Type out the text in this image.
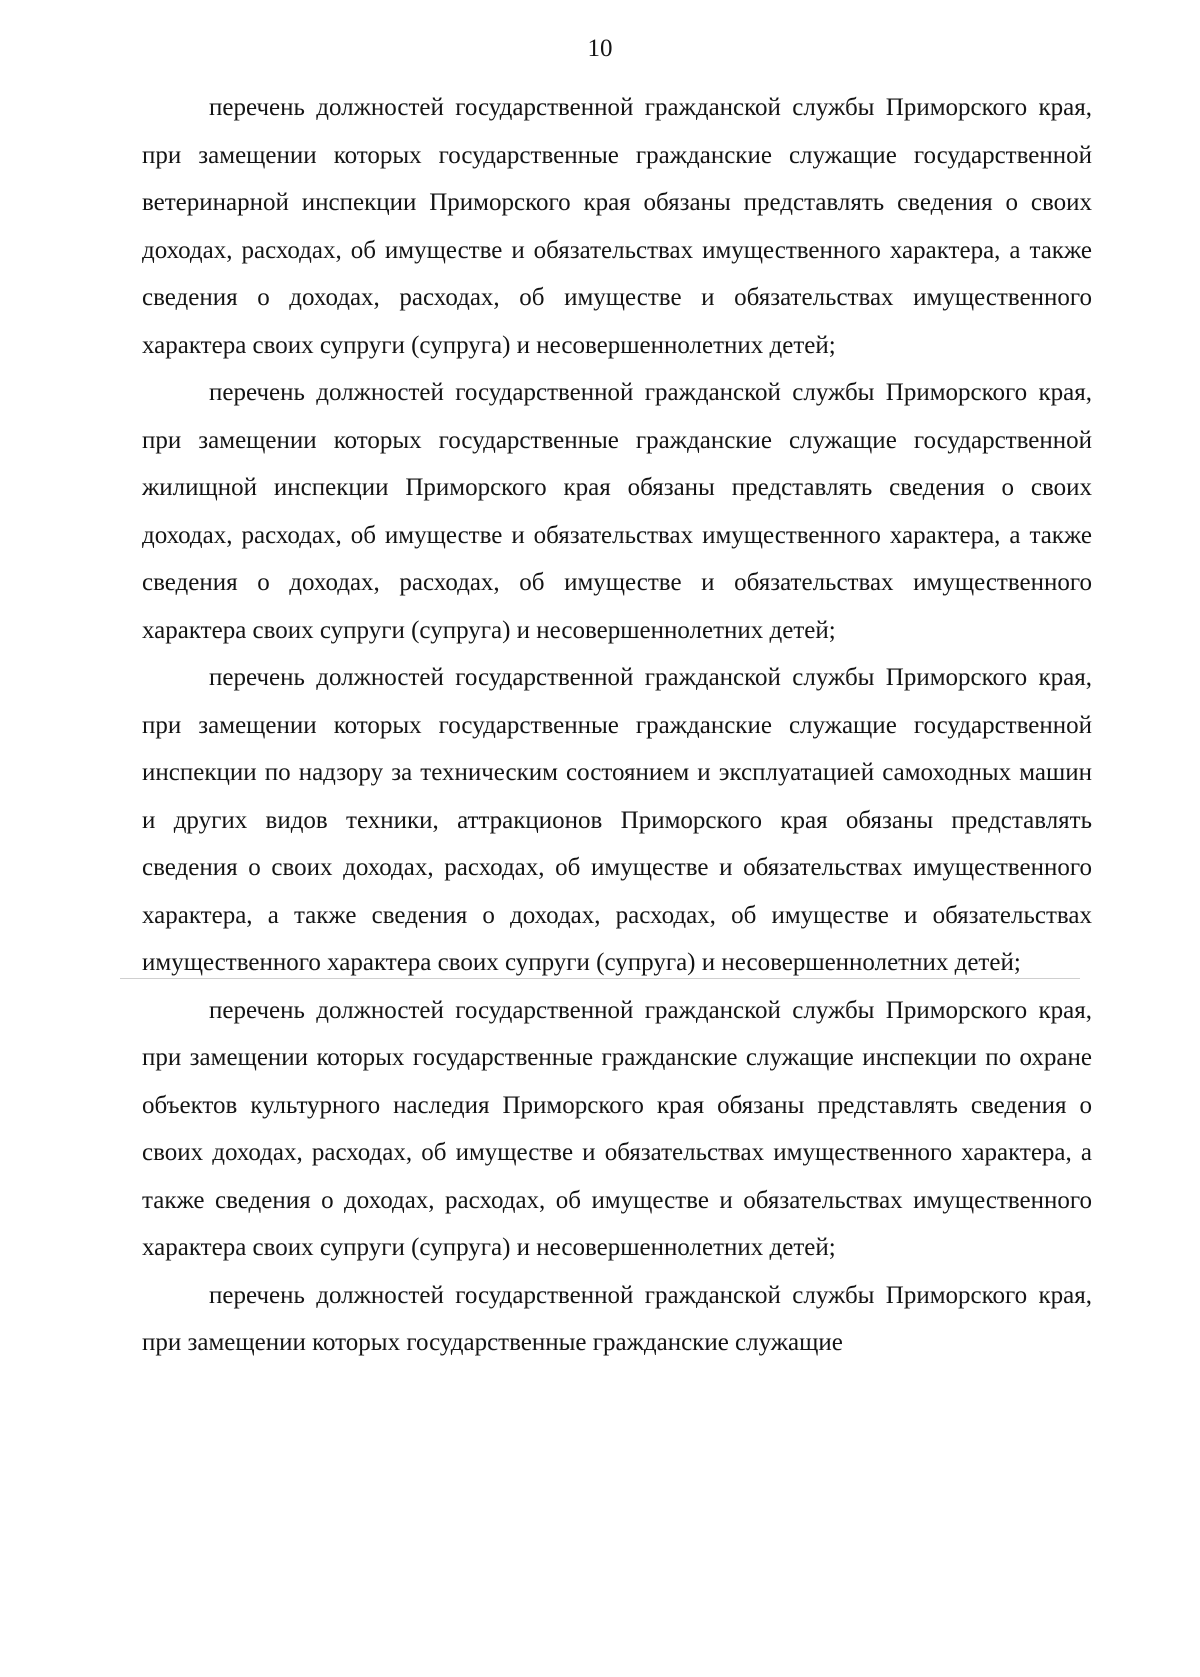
10

перечень должностей государственной гражданской службы Приморского края, при замещении которых государственные гражданские служащие государственной ветеринарной инспекции Приморского края обязаны представлять сведения о своих доходах, расходах, об имуществе и обязательствах имущественного характера, а также сведения о доходах, расходах, об имуществе и обязательствах имущественного характера своих супруги (супруга) и несовершеннолетних детей;

перечень должностей государственной гражданской службы Приморского края, при замещении которых государственные гражданские служащие государственной жилищной инспекции Приморского края обязаны представлять сведения о своих доходах, расходах, об имуществе и обязательствах имущественного характера, а также сведения о доходах, расходах, об имуществе и обязательствах имущественного характера своих супруги (супруга) и несовершеннолетних детей;

перечень должностей государственной гражданской службы Приморского края, при замещении которых государственные гражданские служащие государственной инспекции по надзору за техническим состоянием и эксплуатацией самоходных машин и других видов техники, аттракционов Приморского края обязаны представлять сведения о своих доходах, расходах, об имуществе и обязательствах имущественного характера, а также сведения о доходах, расходах, об имуществе и обязательствах имущественного характера своих супруги (супруга) и несовершеннолетних детей;

перечень должностей государственной гражданской службы Приморского края, при замещении которых государственные гражданские служащие инспекции по охране объектов культурного наследия Приморского края обязаны представлять сведения о своих доходах, расходах, об имуществе и обязательствах имущественного характера, а также сведения о доходах, расходах, об имуществе и обязательствах имущественного характера своих супруги (супруга) и несовершеннолетних детей;

перечень должностей государственной гражданской службы Приморского края, при замещении которых государственные гражданские служащие
